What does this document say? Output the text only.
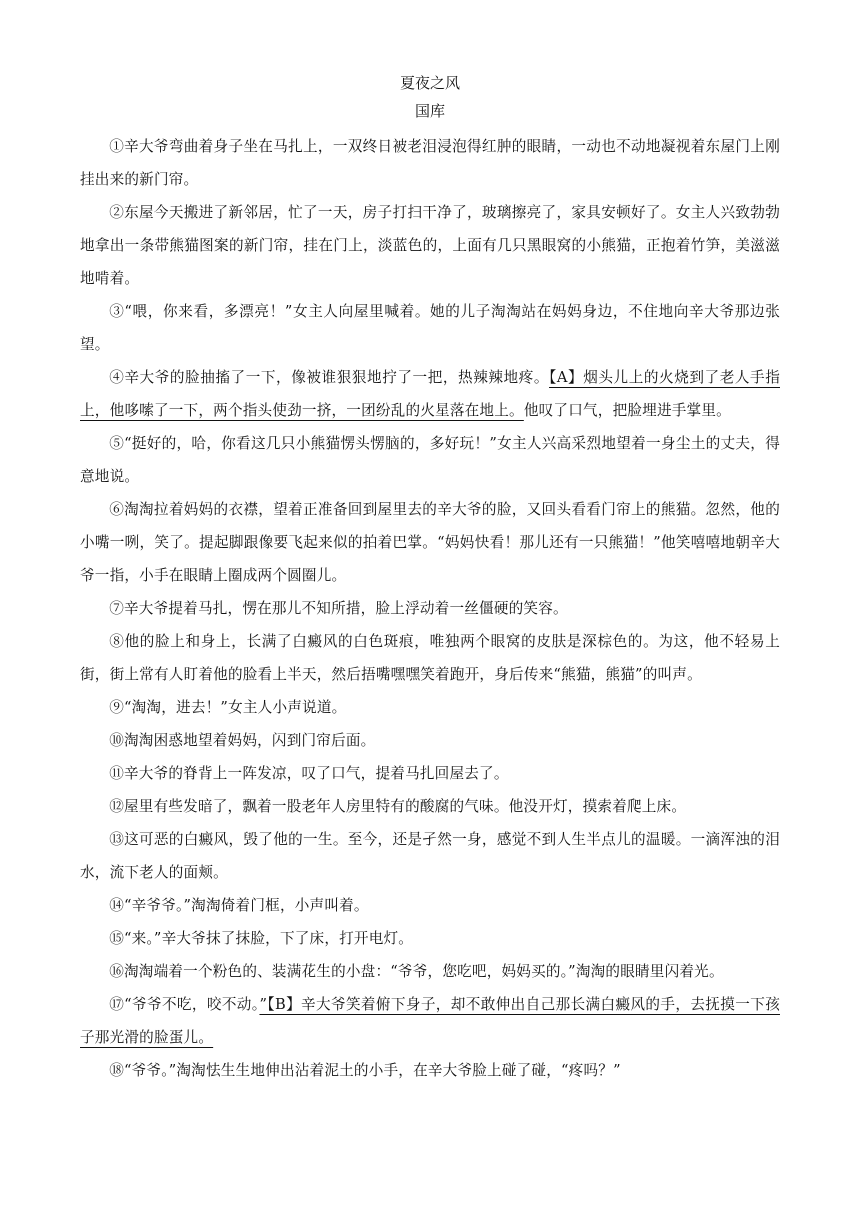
夏夜之风
国库

①辛大爷弯曲着身子坐在马扎上，一双终日被老泪浸泡得红肿的眼睛，一动也不动地凝视着东屋门上刚挂出来的新门帘。

②东屋今天搬进了新邻居，忙了一天，房子打扫干净了，玻璃擦亮了，家具安顿好了。女主人兴致勃勃地拿出一条带熊猫图案的新门帘，挂在门上，淡蓝色的，上面有几只黑眼窝的小熊猫，正抱着竹笋，美滋滋地啃着。

③“喂，你来看，多漂亮！”女主人向屋里喊着。她的儿子淘淘站在妈妈身边，不住地向辛大爷那边张望。

④辛大爷的脸抽搐了一下，像被谁狠狠地拧了一把，热辣辣地疼。【A】烟头儿上的火烧到了老人手指上，他哆嗦了一下，两个指头使劲一挤，一团纷乱的火星落在地上。他叹了口气，把脸埋进手掌里。

⑤“挺好的，哈，你看这几只小熊猫愣头愣脑的，多好玩！”女主人兴高采烈地望着一身尘土的丈夫，得意地说。

⑥淘淘拉着妈妈的衣襟，望着正准备回到屋里去的辛大爷的脸，又回头看看门帘上的熊猫。忽然，他的小嘴一咧，笑了。提起脚跟像要飞起来似的拍着巴掌。“妈妈快看！那儿还有一只熊猫！”他笑嘻嘻地朝辛大爷一指，小手在眼睛上圈成两个圆圈儿。

⑦辛大爷提着马扎，愣在那儿不知所措，脸上浮动着一丝僵硬的笑容。

⑧他的脸上和身上，长满了白癜风的白色斑痕，唯独两个眼窝的皮肤是深棕色的。为这，他不轻易上街，街上常有人盯着他的脸看上半天，然后捂嘴嘿嘿笑着跑开，身后传来“熊猫，熊猫”的叫声。

⑨“淘淘，进去！”女主人小声说道。

⑩淘淘困惑地望着妈妈，闪到门帘后面。

⑪辛大爷的脊背上一阵发凉，叹了口气，提着马扎回屋去了。

⑫屋里有些发暗了，飘着一股老年人房里特有的酸腐的气味。他没开灯，摸索着爬上床。

⑬这可恶的白癜风，毁了他的一生。至今，还是孑然一身，感觉不到人生半点儿的温暖。一滴浑浊的泪水，流下老人的面颊。

⑭“辛爷爷。”淘淘倚着门框，小声叫着。

⑮“来。”辛大爷抹了抹脸，下了床，打开电灯。

⑯淘淘端着一个粉色的、装满花生的小盘：“爷爷，您吃吧，妈妈买的。”淘淘的眼睛里闪着光。

⑰“爷爷不吃，咬不动。”【B】辛大爷笑着俯下身子，却不敢伸出自己那长满白癜风的手，去抚摸一下孩子那光滑的脸蛋儿。

⑱“爷爷。”淘淘怯生生地伸出沾着泥土的小手，在辛大爷脸上碰了碰，“疼吗？”
